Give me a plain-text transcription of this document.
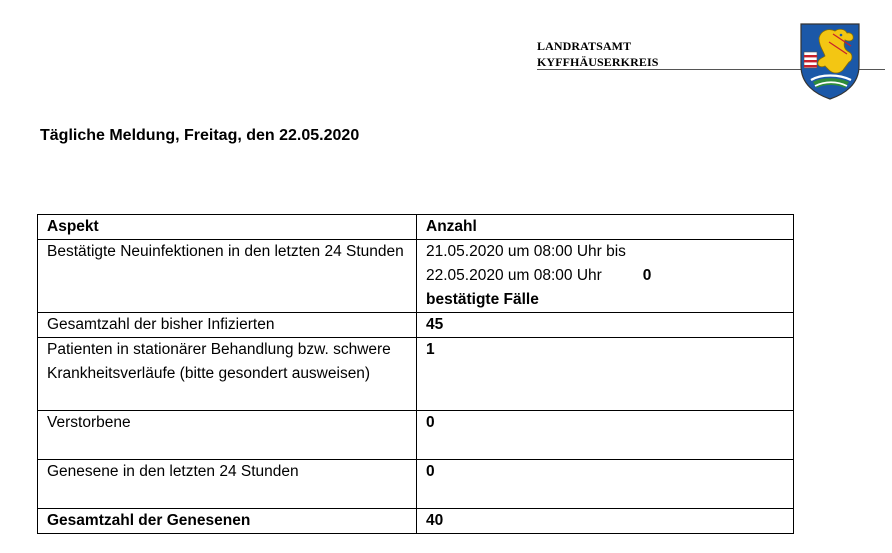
LANDRATSAMT
KYFFHÄUSERKREIS
Tägliche Meldung, Freitag, den 22.05.2020
Aspekt	Anzahl
Bestätigte Neuinfektionen in den letzten 24 Stunden	21.05.2020 um 08:00 Uhr bis
22.05.2020 um 08:00 Uhr 0
bestätigte Fälle

Gesamtzahl der bisher Infizierten	45
Patienten in stationärer Behandlung bzw. schwere Krankheitsverläufe (bitte gesondert ausweisen)	1
Verstorbene	0
Genesene in den letzten 24 Stunden	0
Gesamtzahl der Genesenen	40
